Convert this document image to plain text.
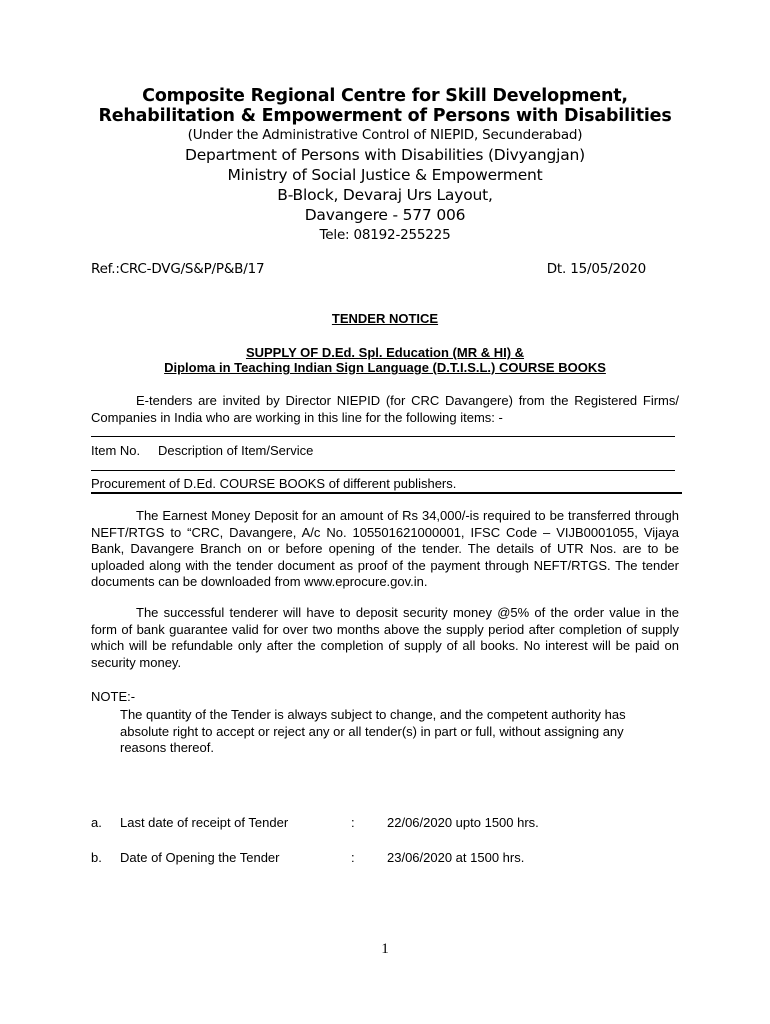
Composite Regional Centre for Skill Development,
Rehabilitation & Empowerment of Persons with Disabilities
(Under the Administrative Control of NIEPID, Secunderabad)
Department of Persons with Disabilities (Divyangjan)
Ministry of Social Justice & Empowerment
B-Block, Devaraj Urs Layout,
Davangere - 577 006
Tele: 08192-255225
Ref.:CRC-DVG/S&P/P&B/17	Dt. 15/05/2020
TENDER NOTICE
SUPPLY OF D.Ed. Spl. Education (MR & HI) &
Diploma in Teaching Indian Sign Language (D.T.I.S.L.) COURSE BOOKS
E-tenders are invited by Director NIEPID (for CRC Davangere) from the Registered Firms/ Companies in India who are working in this line for the following items: -
Item No. Description of Item/Service
Procurement of D.Ed. COURSE BOOKS of different publishers.
The Earnest Money Deposit for an amount of Rs 34,000/-is required to be transferred through NEFT/RTGS to “CRC, Davangere, A/c No. 105501621000001, IFSC Code – VIJB0001055, Vijaya Bank, Davangere Branch on or before opening of the tender. The details of UTR Nos. are to be uploaded along with the tender document as proof of the payment through NEFT/RTGS. The tender documents can be downloaded from www.eprocure.gov.in.
The successful tenderer will have to deposit security money @5% of the order value in the form of bank guarantee valid for over two months above the supply period after completion of supply which will be refundable only after the completion of supply of all books. No interest will be paid on security money.
NOTE:-
The quantity of the Tender is always subject to change, and the competent authority has absolute right to accept or reject any or all tender(s) in part or full, without assigning any reasons thereof.
a. Last date of receipt of Tender	: 22/06/2020 upto 1500 hrs.
b. Date of Opening the Tender	: 23/06/2020 at 1500 hrs.
1
